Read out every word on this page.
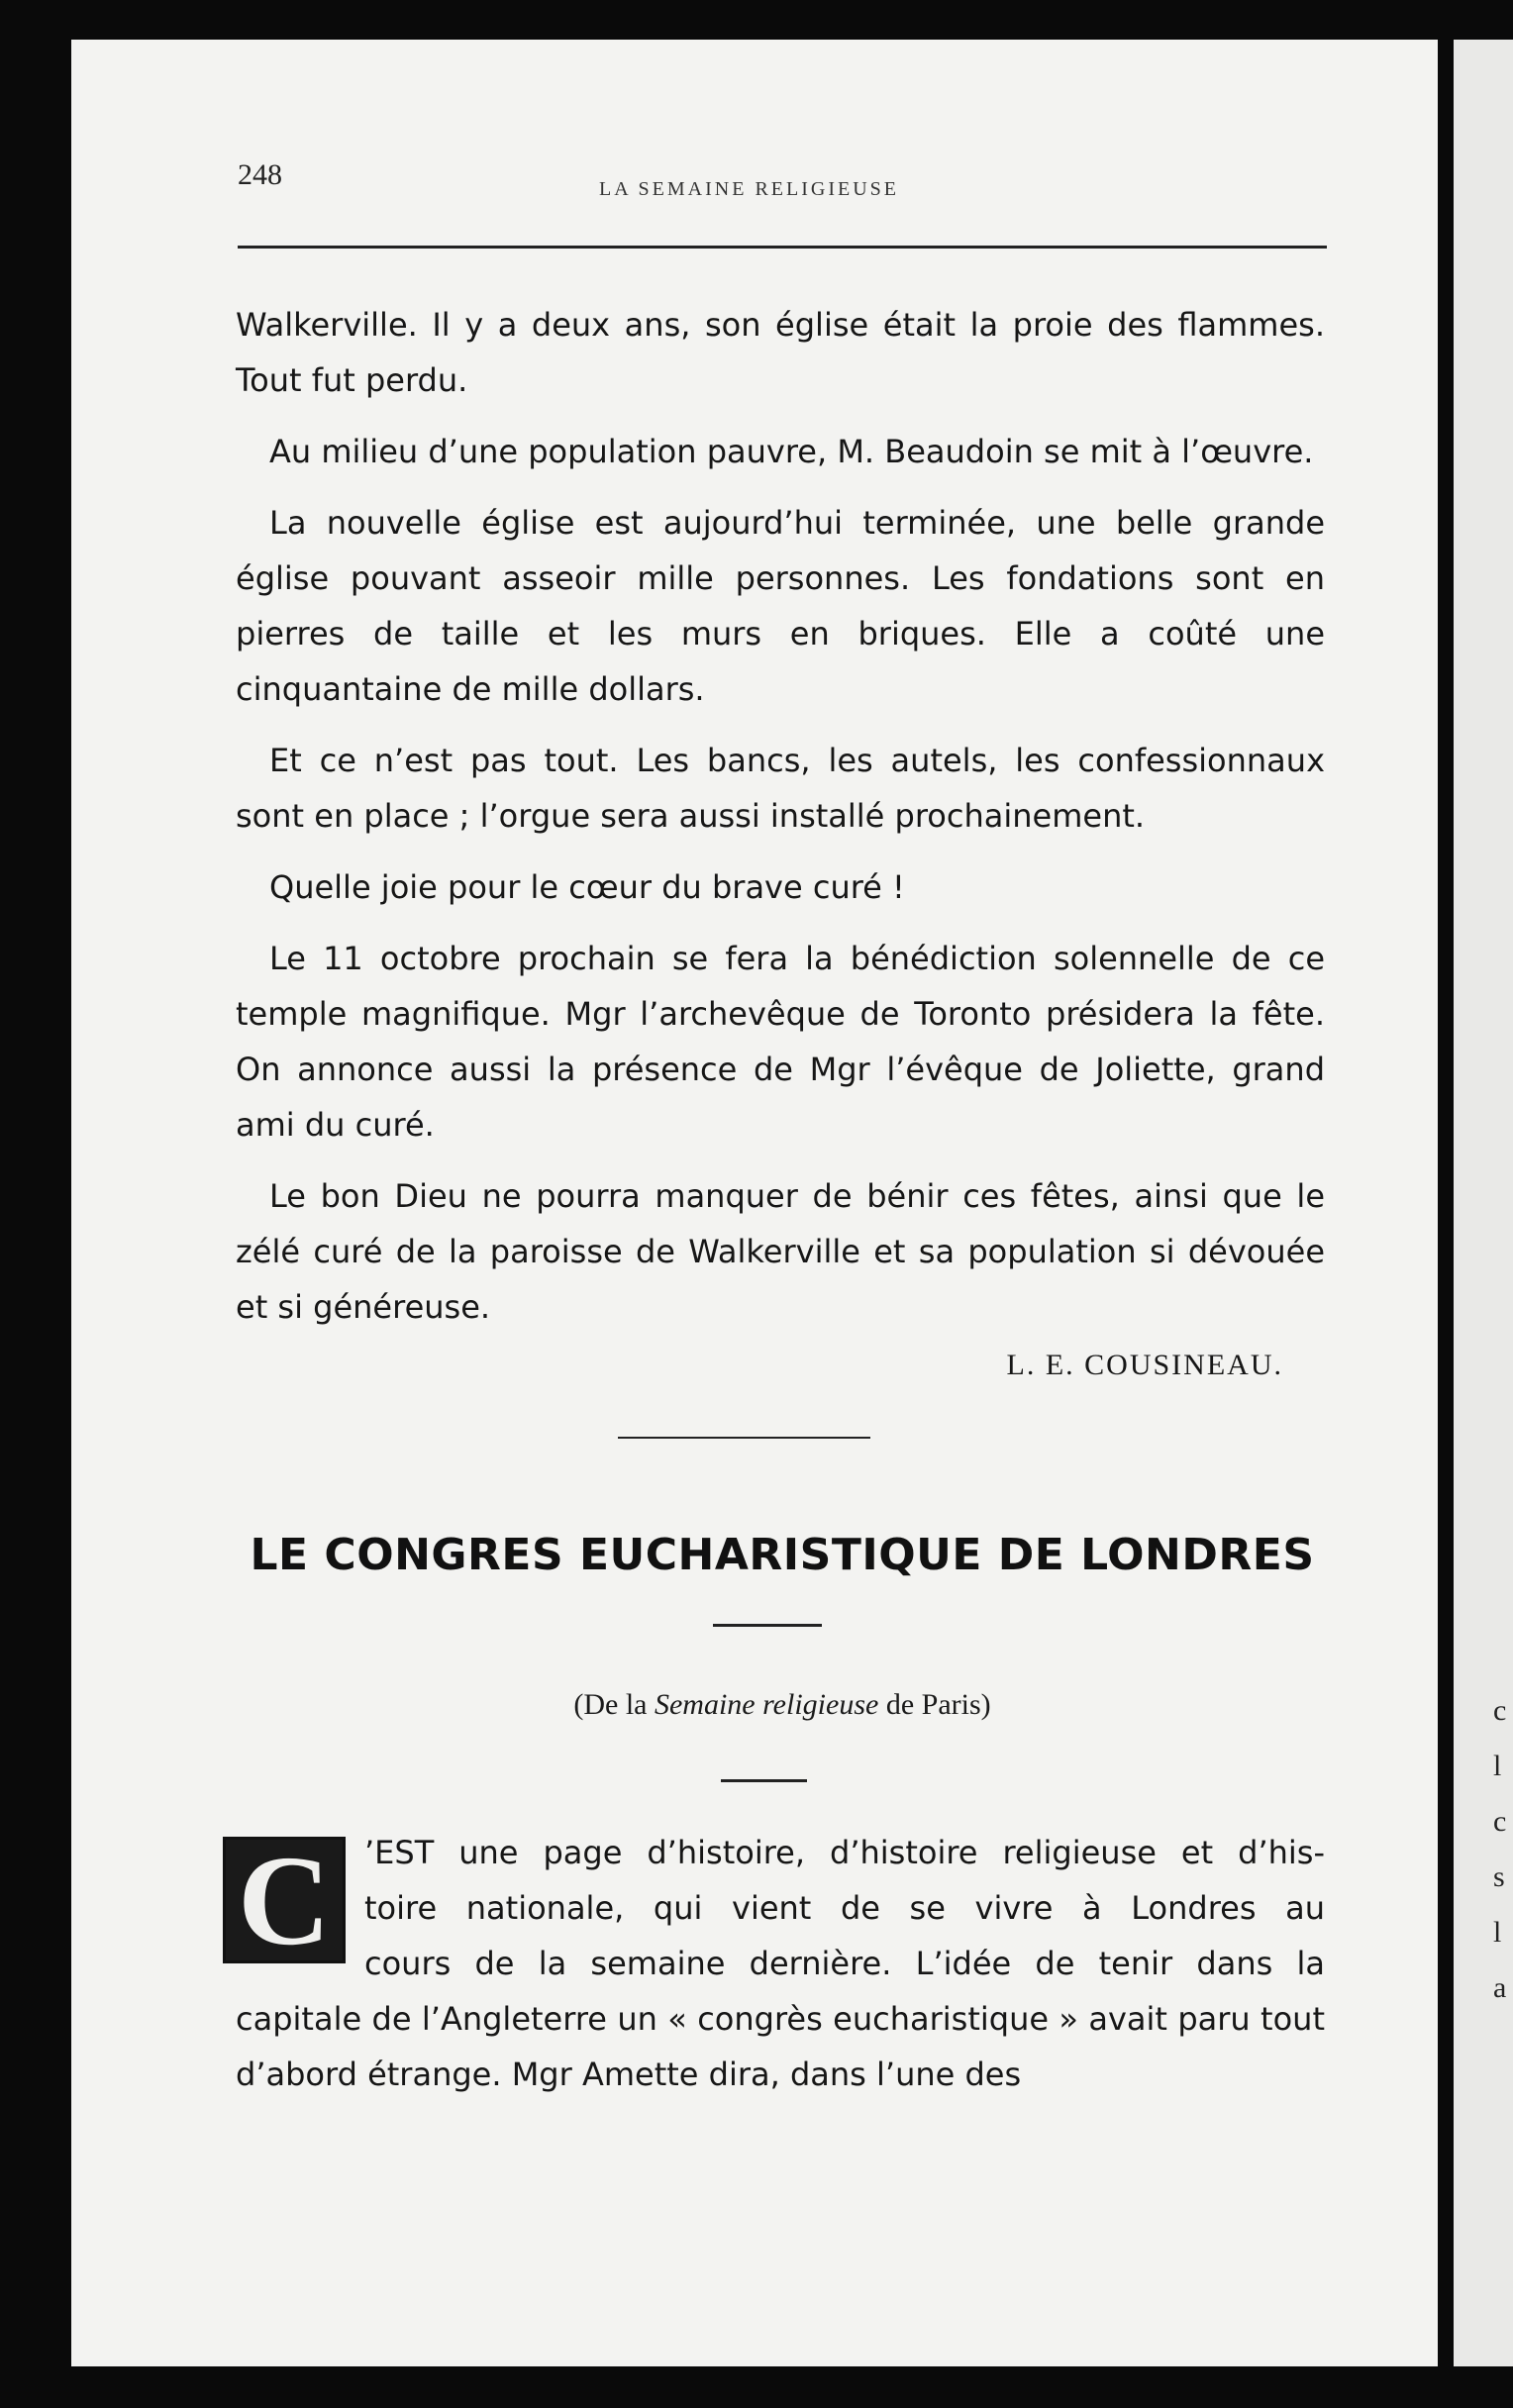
c
l
c
s
l
a
248	LA SEMAINE RELIGIEUSE

Walkerville. Il y a deux ans, son église était la proie des flammes. Tout fut perdu.

Au milieu d’une population pauvre, M. Beaudoin se mit à l’œuvre.

La nouvelle église est aujourd’hui terminée, une belle grande église pouvant asseoir mille personnes. Les fondations sont en pierres de taille et les murs en briques. Elle a coûté une cinquantaine de mille dollars.

Et ce n’est pas tout. Les bancs, les autels, les confessionnaux sont en place ; l’orgue sera aussi installé prochainement.

Quelle joie pour le cœur du brave curé !

Le 11 octobre prochain se fera la bénédiction solennelle de ce temple magnifique. Mgr l’archevêque de Toronto présidera la fête. On annonce aussi la présence de Mgr l’évêque de Joliette, grand ami du curé.

Le bon Dieu ne pourra manquer de bénir ces fêtes, ainsi que le zélé curé de la paroisse de Walkerville et sa population si dévouée et si généreuse.

L. E. COUSINEAU.
LE CONGRES EUCHARISTIQUE DE LONDRES
(De la Semaine religieuse de Paris)
C	’EST une page d’histoire, d’histoire religieuse et d’his-
toire nationale, qui vient de se vivre à Londres au
cours de la semaine dernière. L’idée de tenir dans la

capitale de l’Angleterre un « congrès eucharistique » avait paru tout d’abord étrange. Mgr Amette dira, dans l’une des
